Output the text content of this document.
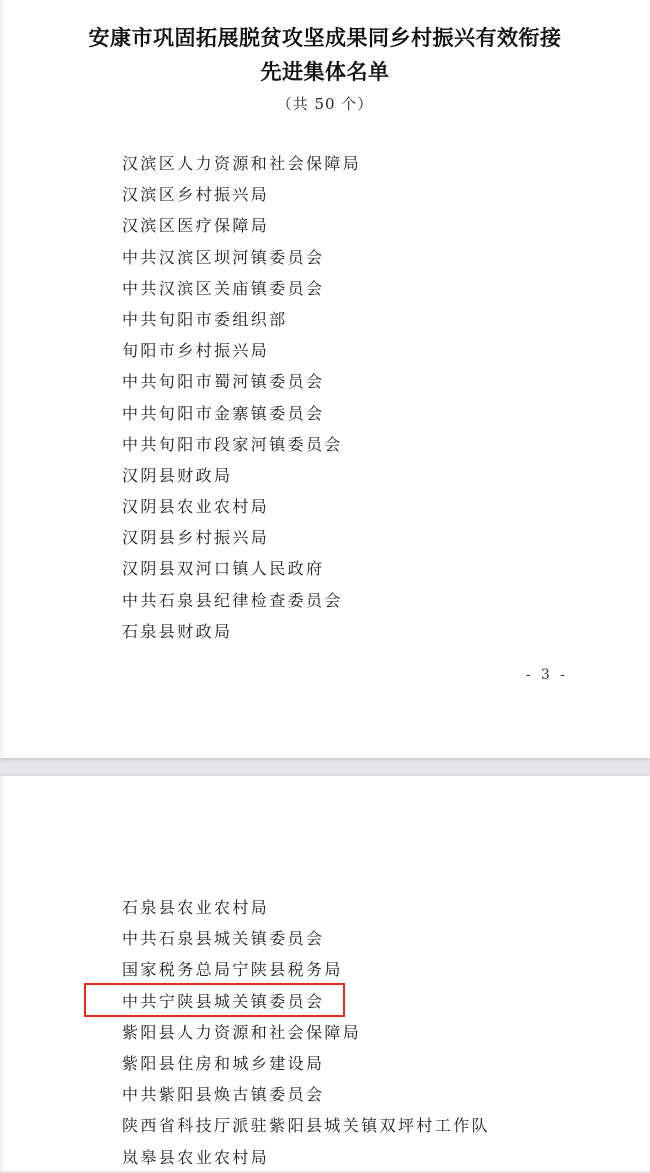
安康市巩固拓展脱贫攻坚成果同乡村振兴有效衔接
先进集体名单
（共 50 个）
汉滨区人力资源和社会保障局
汉滨区乡村振兴局
汉滨区医疗保障局
中共汉滨区坝河镇委员会
中共汉滨区关庙镇委员会
中共旬阳市委组织部
旬阳市乡村振兴局
中共旬阳市蜀河镇委员会
中共旬阳市金寨镇委员会
中共旬阳市段家河镇委员会
汉阴县财政局
汉阴县农业农村局
汉阴县乡村振兴局
汉阴县双河口镇人民政府
中共石泉县纪律检查委员会
石泉县财政局
- 3 -
石泉县农业农村局
中共石泉县城关镇委员会
国家税务总局宁陕县税务局
中共宁陕县城关镇委员会
紫阳县人力资源和社会保障局
紫阳县住房和城乡建设局
中共紫阳县焕古镇委员会
陕西省科技厅派驻紫阳县城关镇双坪村工作队
岚皋县农业农村局
